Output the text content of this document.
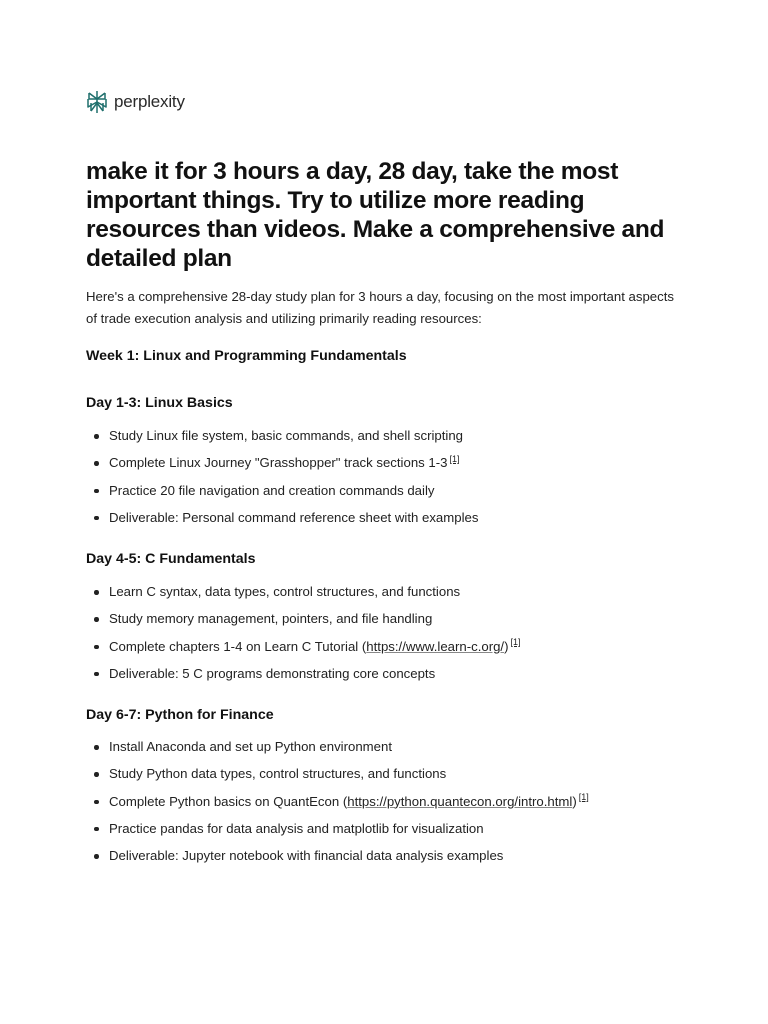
perplexity
make it for 3 hours a day, 28 day, take the most important things. Try to utilize more reading resources than videos. Make a comprehensive and detailed plan

Here's a comprehensive 28-day study plan for 3 hours a day, focusing on the most important aspects of trade execution analysis and utilizing primarily reading resources:

Week 1: Linux and Programming Fundamentals
Day 1-3: Linux Basics
Study Linux file system, basic commands, and shell scripting
Complete Linux Journey "Grasshopper" track sections 1-3 [1]
Practice 20 file navigation and creation commands daily
Deliverable: Personal command reference sheet with examples
Day 4-5: C Fundamentals
Learn C syntax, data types, control structures, and functions
Study memory management, pointers, and file handling
Complete chapters 1-4 on Learn C Tutorial (https://www.learn-c.org/) [1]
Deliverable: 5 C programs demonstrating core concepts
Day 6-7: Python for Finance
Install Anaconda and set up Python environment
Study Python data types, control structures, and functions
Complete Python basics on QuantEcon (https://python.quantecon.org/intro.html) [1]
Practice pandas for data analysis and matplotlib for visualization
Deliverable: Jupyter notebook with financial data analysis examples
